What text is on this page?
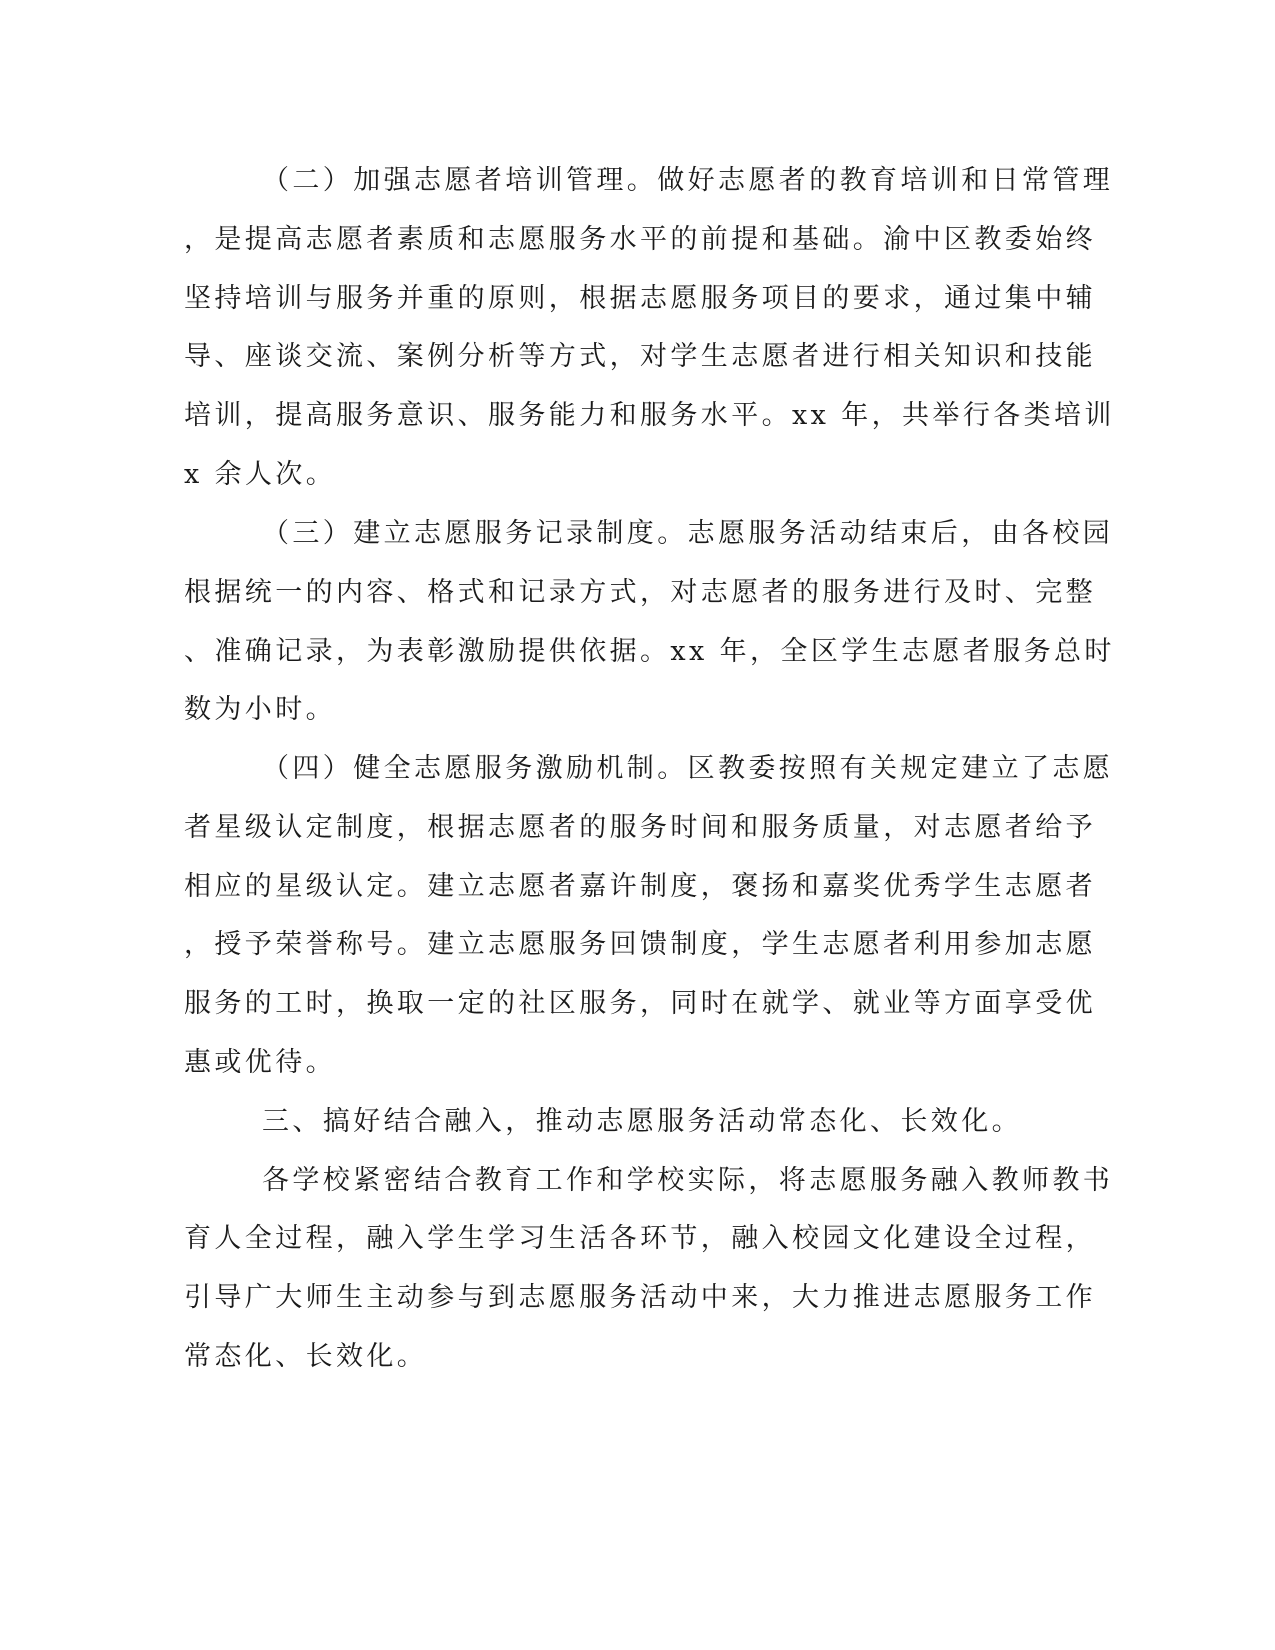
（二）加强志愿者培训管理。做好志愿者的教育培训和日常管理
，是提高志愿者素质和志愿服务水平的前提和基础。渝中区教委始终
坚持培训与服务并重的原则，根据志愿服务项目的要求，通过集中辅
导、座谈交流、案例分析等方式，对学生志愿者进行相关知识和技能
培训，提高服务意识、服务能力和服务水平。xx 年，共举行各类培训
x 余人次。
（三）建立志愿服务记录制度。志愿服务活动结束后，由各校园
根据统一的内容、格式和记录方式，对志愿者的服务进行及时、完整
、准确记录，为表彰激励提供依据。xx 年，全区学生志愿者服务总时
数为小时。
（四）健全志愿服务激励机制。区教委按照有关规定建立了志愿
者星级认定制度，根据志愿者的服务时间和服务质量，对志愿者给予
相应的星级认定。建立志愿者嘉许制度，褒扬和嘉奖优秀学生志愿者
，授予荣誉称号。建立志愿服务回馈制度，学生志愿者利用参加志愿
服务的工时，换取一定的社区服务，同时在就学、就业等方面享受优
惠或优待。
三、搞好结合融入，推动志愿服务活动常态化、长效化。
各学校紧密结合教育工作和学校实际，将志愿服务融入教师教书
育人全过程，融入学生学习生活各环节，融入校园文化建设全过程，
引导广大师生主动参与到志愿服务活动中来，大力推进志愿服务工作
常态化、长效化。
